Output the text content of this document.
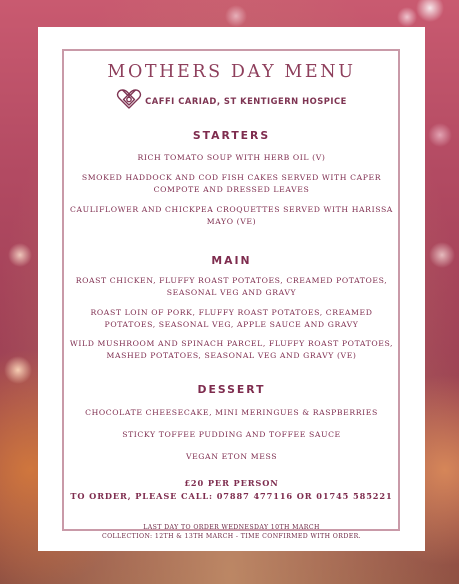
MOTHERS DAY MENU
CAFFI CARIAD, ST KENTIGERN HOSPICE
STARTERS

RICH TOMATO SOUP WITH HERB OIL (V)

SMOKED HADDOCK AND COD FISH CAKES SERVED WITH CAPER COMPOTE AND DRESSED LEAVES

CAULIFLOWER AND CHICKPEA CROQUETTES SERVED WITH HARISSA MAYO (VE)

MAIN

ROAST CHICKEN, FLUFFY ROAST POTATOES, CREAMED POTATOES, SEASONAL VEG AND GRAVY

ROAST LOIN OF PORK, FLUFFY ROAST POTATOES, CREAMED POTATOES, SEASONAL VEG, APPLE SAUCE AND GRAVY

WILD MUSHROOM AND SPINACH PARCEL, FLUFFY ROAST POTATOES, MASHED POTATOES, SEASONAL VEG AND GRAVY (VE)

DESSERT

CHOCOLATE CHEESECAKE, MINI MERINGUES & RASPBERRIES

STICKY TOFFEE PUDDING AND TOFFEE SAUCE

VEGAN ETON MESS

£20 PER PERSON
TO ORDER, PLEASE CALL: 07887 477116 OR 01745 585221
LAST DAY TO ORDER WEDNESDAY 10TH MARCH
COLLECTION: 12TH & 13TH MARCH - TIME CONFIRMED WITH ORDER.
